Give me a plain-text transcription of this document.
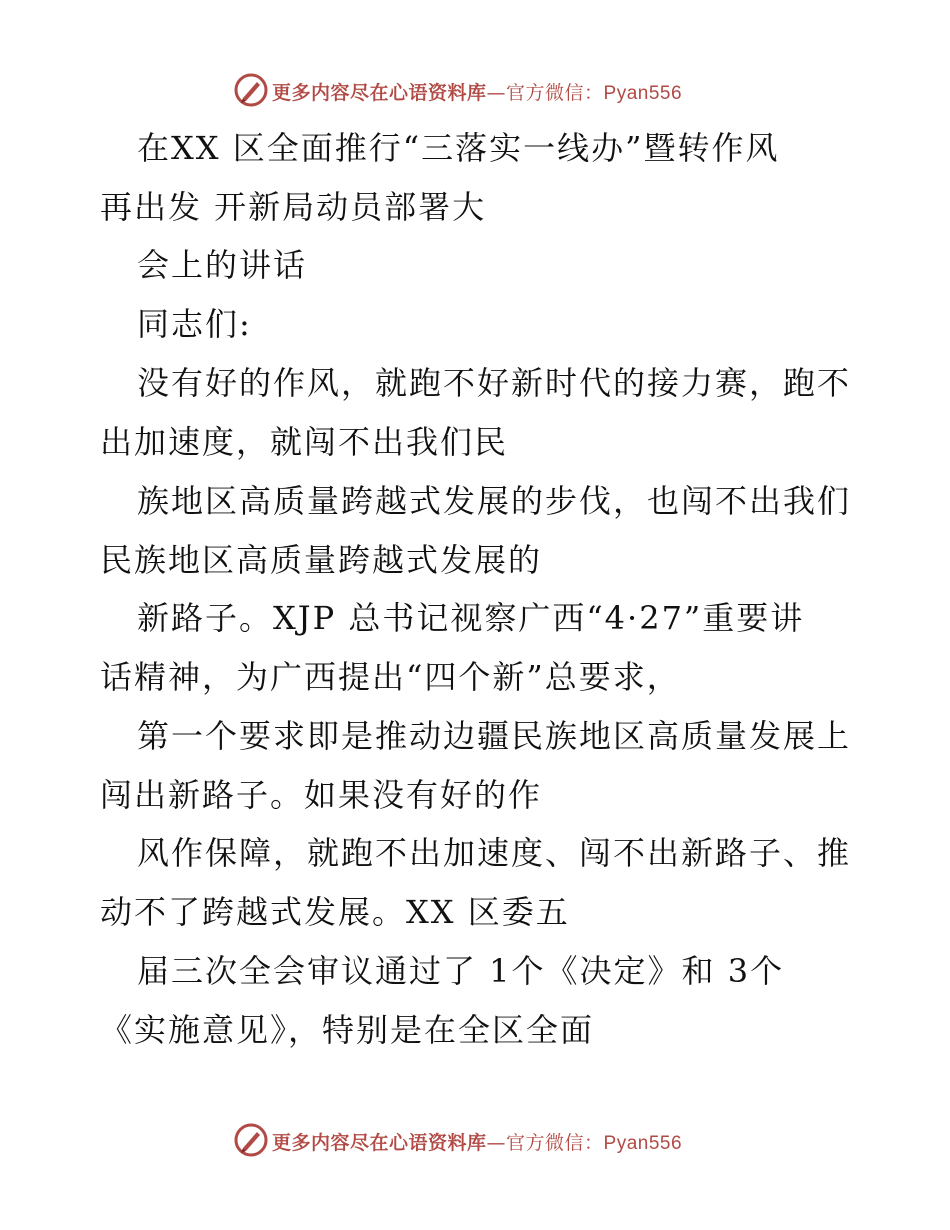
更多内容尽在心语资料库—官方微信：Pyan556
在XX 区全面推行“三落实一线办”暨转作风
再出发 开新局动员部署大
会上的讲话
同志们:
没有好的作风，就跑不好新时代的接力赛，跑不
出加速度，就闯不出我们民
族地区高质量跨越式发展的步伐，也闯不出我们
民族地区高质量跨越式发展的
新路子。XJP 总书记视察广西“4·27”重要讲
话精神，为广西提出“四个新”总要求，
第一个要求即是推动边疆民族地区高质量发展上
闯出新路子。如果没有好的作
风作保障，就跑不出加速度、闯不出新路子、推
动不了跨越式发展。XX 区委五
届三次全会审议通过了 1个《决定》和 3个
《实施意见》，特别是在全区全面
更多内容尽在心语资料库—官方微信：Pyan556
